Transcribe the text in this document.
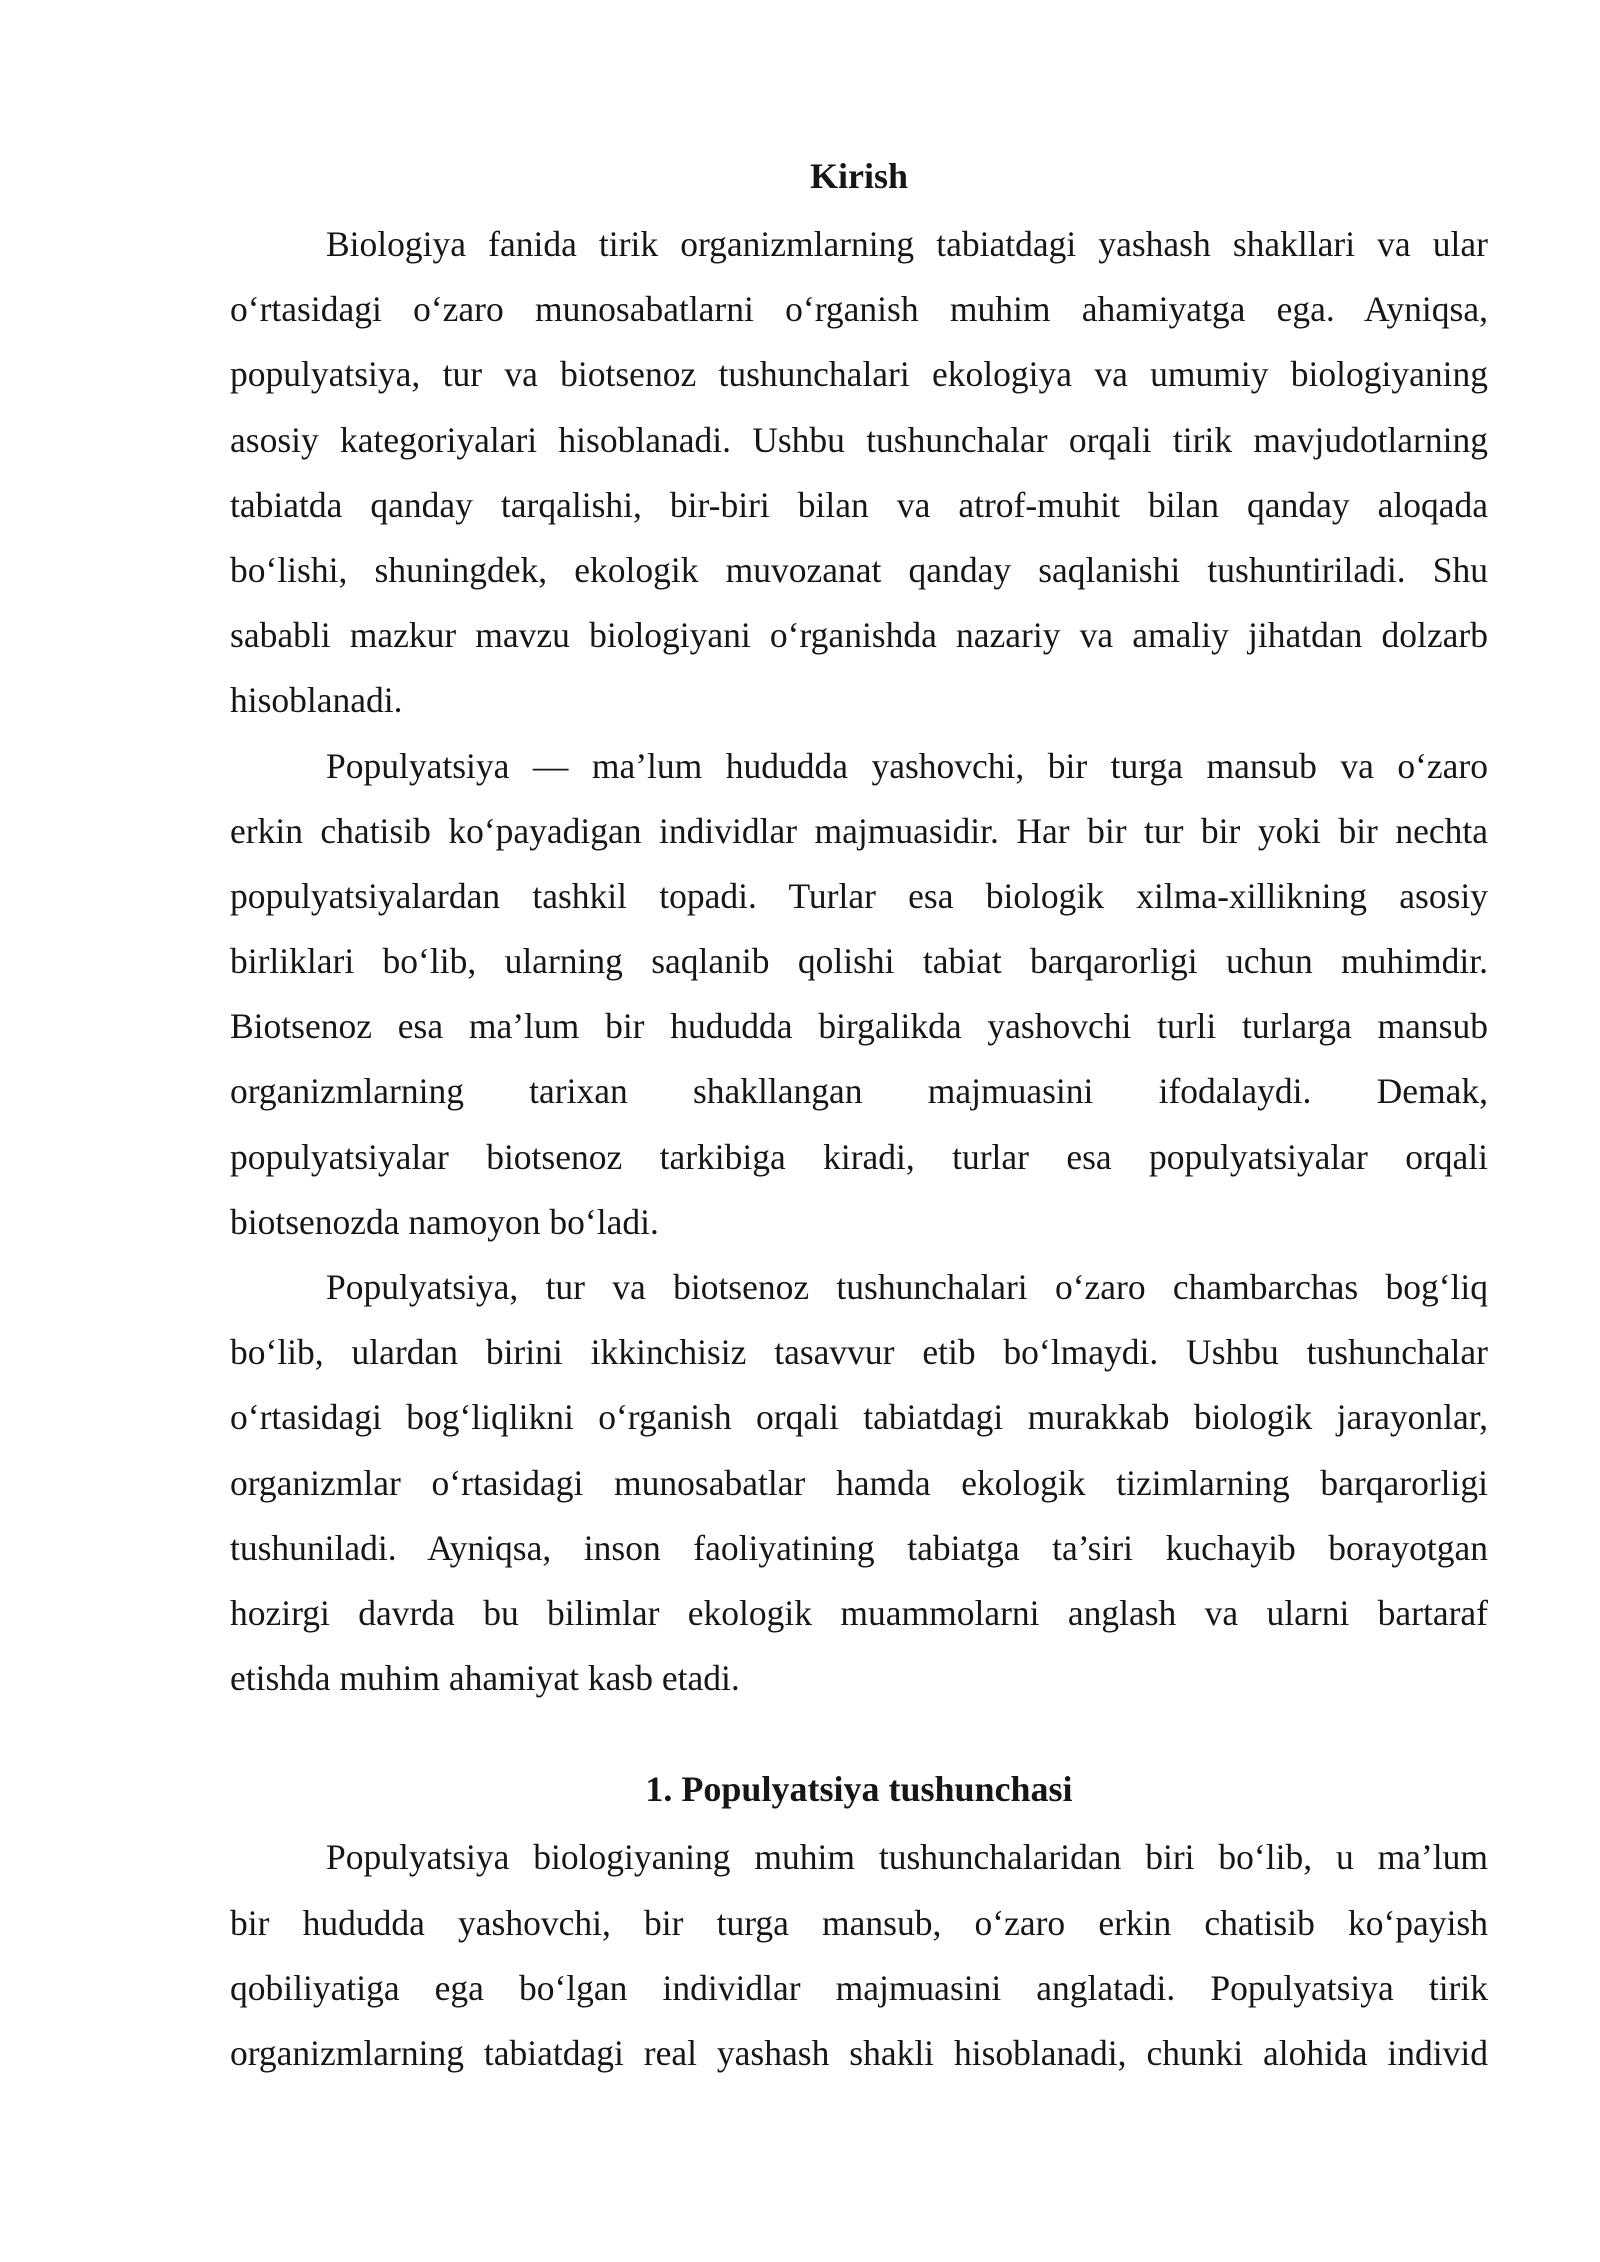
Kirish
Biologiya fanida tirik organizmlarning tabiatdagi yashash shakllari va ular
o‘rtasidagi o‘zaro munosabatlarni o‘rganish muhim ahamiyatga ega. Ayniqsa,
populyatsiya, tur va biotsenoz tushunchalari ekologiya va umumiy biologiyaning
asosiy kategoriyalari hisoblanadi. Ushbu tushunchalar orqali tirik mavjudotlarning
tabiatda qanday tarqalishi, bir-biri bilan va atrof-muhit bilan qanday aloqada
bo‘lishi, shuningdek, ekologik muvozanat qanday saqlanishi tushuntiriladi. Shu
sababli mazkur mavzu biologiyani o‘rganishda nazariy va amaliy jihatdan dolzarb
hisoblanadi.
Populyatsiya — ma’lum hududda yashovchi, bir turga mansub va o‘zaro
erkin chatisib ko‘payadigan individlar majmuasidir. Har bir tur bir yoki bir nechta
populyatsiyalardan tashkil topadi. Turlar esa biologik xilma-xillikning asosiy
birliklari bo‘lib, ularning saqlanib qolishi tabiat barqarorligi uchun muhimdir.
Biotsenoz esa ma’lum bir hududda birgalikda yashovchi turli turlarga mansub
organizmlarning tarixan shakllangan majmuasini ifodalaydi. Demak,
populyatsiyalar biotsenoz tarkibiga kiradi, turlar esa populyatsiyalar orqali
biotsenozda namoyon bo‘ladi.
Populyatsiya, tur va biotsenoz tushunchalari o‘zaro chambarchas bog‘liq
bo‘lib, ulardan birini ikkinchisiz tasavvur etib bo‘lmaydi. Ushbu tushunchalar
o‘rtasidagi bog‘liqlikni o‘rganish orqali tabiatdagi murakkab biologik jarayonlar,
organizmlar o‘rtasidagi munosabatlar hamda ekologik tizimlarning barqarorligi
tushuniladi. Ayniqsa, inson faoliyatining tabiatga ta’siri kuchayib borayotgan
hozirgi davrda bu bilimlar ekologik muammolarni anglash va ularni bartaraf
etishda muhim ahamiyat kasb etadi.
1. Populyatsiya tushunchasi
Populyatsiya biologiyaning muhim tushunchalaridan biri bo‘lib, u ma’lum
bir hududda yashovchi, bir turga mansub, o‘zaro erkin chatisib ko‘payish
qobiliyatiga ega bo‘lgan individlar majmuasini anglatadi. Populyatsiya tirik
organizmlarning tabiatdagi real yashash shakli hisoblanadi, chunki alohida individ
